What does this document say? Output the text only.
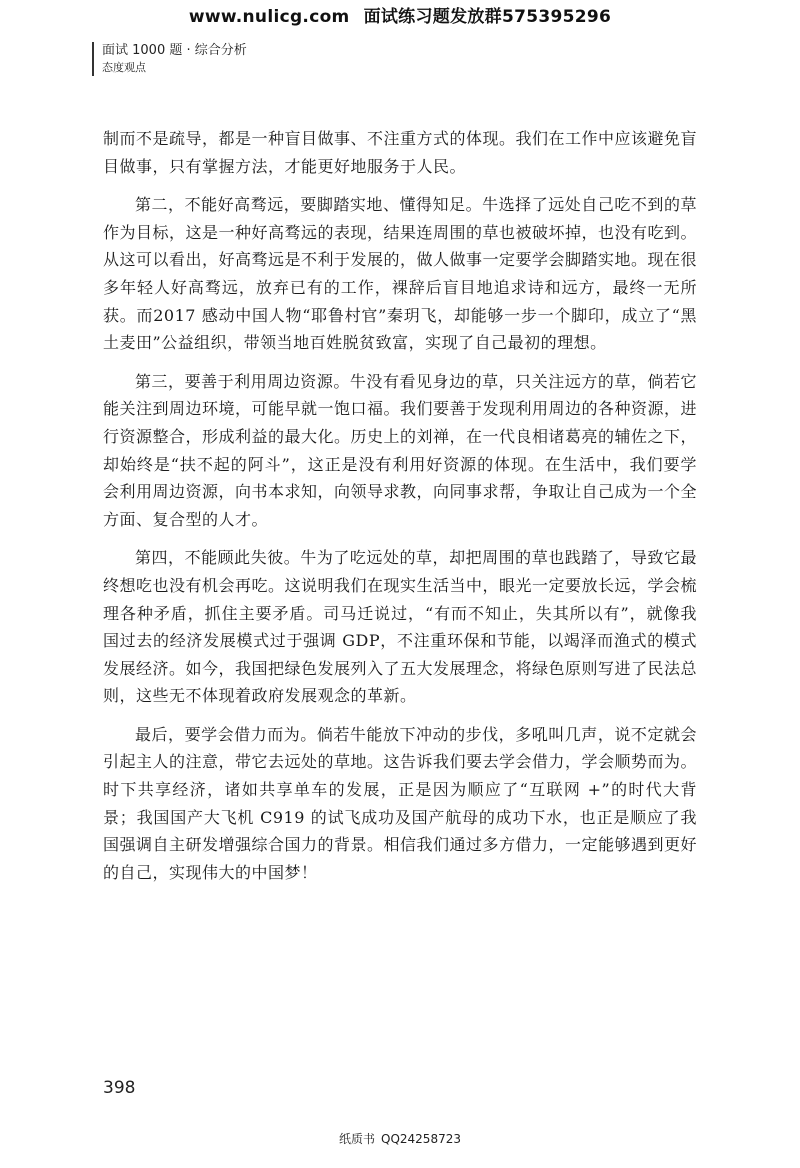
www.nulicg.com 面试练习题发放群575395296
面试 1000 题 · 综合分析
态度观点

制而不是疏导，都是一种盲目做事、不注重方式的体现。我们在工作中应该避免盲目做事，只有掌握方法，才能更好地服务于人民。

第二，不能好高骛远，要脚踏实地、懂得知足。牛选择了远处自己吃不到的草作为目标，这是一种好高骛远的表现，结果连周围的草也被破坏掉，也没有吃到。从这可以看出，好高骛远是不利于发展的，做人做事一定要学会脚踏实地。现在很多年轻人好高骛远，放弃已有的工作，裸辞后盲目地追求诗和远方，最终一无所获。而2017 感动中国人物“耶鲁村官”秦玥飞，却能够一步一个脚印，成立了“黑土麦田”公益组织，带领当地百姓脱贫致富，实现了自己最初的理想。

第三，要善于利用周边资源。牛没有看见身边的草，只关注远方的草，倘若它能关注到周边环境，可能早就一饱口福。我们要善于发现利用周边的各种资源，进行资源整合，形成利益的最大化。历史上的刘禅，在一代良相诸葛亮的辅佐之下，却始终是“扶不起的阿斗”，这正是没有利用好资源的体现。在生活中，我们要学会利用周边资源，向书本求知，向领导求教，向同事求帮，争取让自己成为一个全方面、复合型的人才。

第四，不能顾此失彼。牛为了吃远处的草，却把周围的草也践踏了，导致它最终想吃也没有机会再吃。这说明我们在现实生活当中，眼光一定要放长远，学会梳理各种矛盾，抓住主要矛盾。司马迁说过，“有而不知止，失其所以有”，就像我国过去的经济发展模式过于强调 GDP，不注重环保和节能，以竭泽而渔式的模式发展经济。如今，我国把绿色发展列入了五大发展理念，将绿色原则写进了民法总则，这些无不体现着政府发展观念的革新。

最后，要学会借力而为。倘若牛能放下冲动的步伐，多吼叫几声，说不定就会引起主人的注意，带它去远处的草地。这告诉我们要去学会借力，学会顺势而为。时下共享经济，诸如共享单车的发展，正是因为顺应了“互联网 +”的时代大背景；我国国产大飞机 C919 的试飞成功及国产航母的成功下水，也正是顺应了我国强调自主研发增强综合国力的背景。相信我们通过多方借力，一定能够遇到更好的自己，实现伟大的中国梦！

398
纸质书 QQ24258723
